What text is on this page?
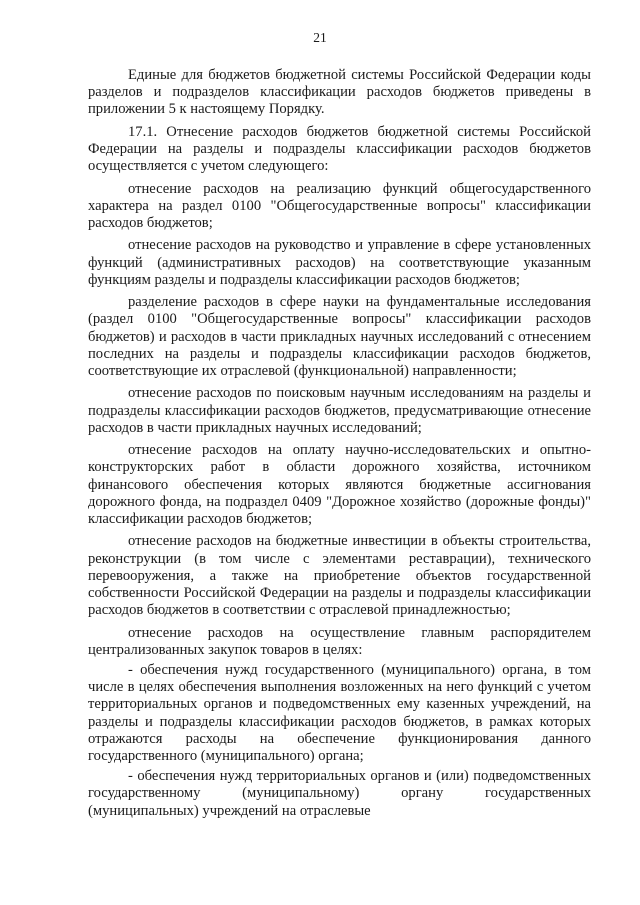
21

Единые для бюджетов бюджетной системы Российской Федерации коды разделов и подразделов классификации расходов бюджетов приведены в приложении 5 к настоящему Порядку.

17.1. Отнесение расходов бюджетов бюджетной системы Российской Федерации на разделы и подразделы классификации расходов бюджетов осуществляется с учетом следующего:

отнесение расходов на реализацию функций общегосударственного характера на раздел 0100 "Общегосударственные вопросы" классификации расходов бюджетов;

отнесение расходов на руководство и управление в сфере установленных функций (административных расходов) на соответствующие указанным функциям разделы и подразделы классификации расходов бюджетов;

разделение расходов в сфере науки на фундаментальные исследования (раздел 0100 "Общегосударственные вопросы" классификации расходов бюджетов) и расходов в части прикладных научных исследований с отнесением последних на разделы и подразделы классификации расходов бюджетов, соответствующие их отраслевой (функциональной) направленности;

отнесение расходов по поисковым научным исследованиям на разделы и подразделы классификации расходов бюджетов, предусматривающие отнесение расходов в части прикладных научных исследований;

отнесение расходов на оплату научно-исследовательских и опытно-конструкторских работ в области дорожного хозяйства, источником финансового обеспечения которых являются бюджетные ассигнования дорожного фонда, на подраздел 0409 "Дорожное хозяйство (дорожные фонды)" классификации расходов бюджетов;

отнесение расходов на бюджетные инвестиции в объекты строительства, реконструкции (в том числе с элементами реставрации), технического перевооружения, а также на приобретение объектов государственной собственности Российской Федерации на разделы и подразделы классификации расходов бюджетов в соответствии с отраслевой принадлежностью;

отнесение расходов на осуществление главным распорядителем централизованных закупок товаров в целях:

- обеспечения нужд государственного (муниципального) органа, в том числе в целях обеспечения выполнения возложенных на него функций с учетом территориальных органов и подведомственных ему казенных учреждений, на разделы и подразделы классификации расходов бюджетов, в рамках которых отражаются расходы на обеспечение функционирования данного государственного (муниципального) органа;

- обеспечения нужд территориальных органов и (или) подведомственных государственному (муниципальному) органу государственных (муниципальных) учреждений на отраслевые
